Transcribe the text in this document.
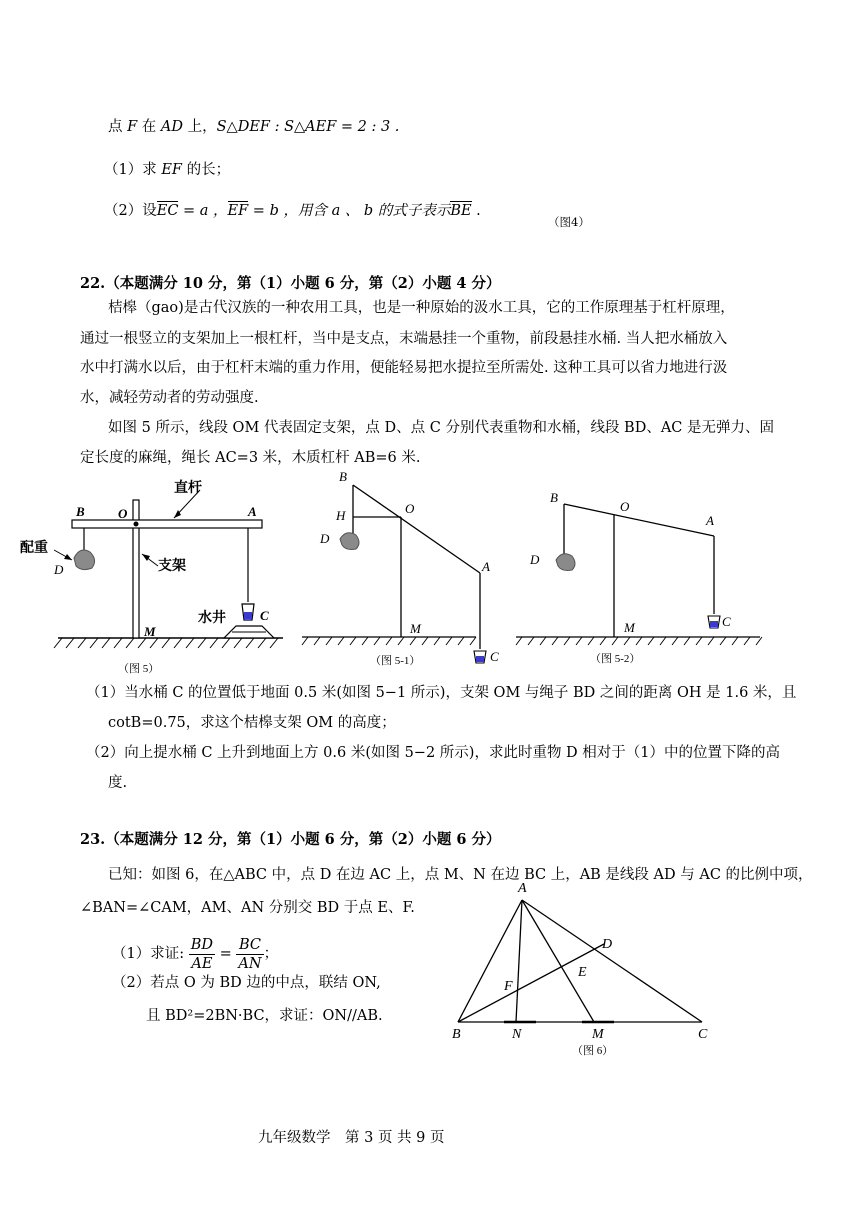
点 F 在 AD 上，S△DEF : S△AEF = 2 : 3 .
（1）求 EF 的长；
（2）设
EC = a ，
EF = b ，用含 a 、 b 的式子表示
BE .
（图4）
22.（本题满分 10 分，第（1）小题 6 分，第（2）小题 4 分）
桔槔（gao)是古代汉族的一种农用工具，也是一种原始的汲水工具，它的工作原理基于杠杆原理，
通过一根竖立的支架加上一根杠杆，当中是支点，末端悬挂一个重物，前段悬挂水桶. 当人把水桶放入
水中打满水以后，由于杠杆末端的重力作用，便能轻易把水提拉至所需处. 这种工具可以省力地进行汲
水，减轻劳动者的劳动强度.
如图 5 所示，线段 OM 代表固定支架，点 D、点 C 分别代表重物和水桶，线段 BD、AC 是无弹力、固
定长度的麻绳，绳长 AC=3 米，木质杠杆 AB=6 米.
直杆
配重
支架
水井
B	O	A
D
C
M
（图 5）
B
H	O
D
A
M
C
（图 5-1）
B
O
A
D
M	C
（图 5-2）
（1）当水桶 C 的位置低于地面 0.5 米(如图 5−1 所示)，支架 OM 与绳子 BD 之间的距离 OH 是 1.6 米，且
cotB=0.75，求这个桔槔支架 OM 的高度；
（2）向上提水桶 C 上升到地面上方 0.6 米(如图 5−2 所示)，求此时重物 D 相对于（1）中的位置下降的高
度.
23.（本题满分 12 分，第（1）小题 6 分，第（2）小题 6 分）
已知：如图 6，在△ABC 中，点 D 在边 AC 上，点 M、N 在边 BC 上，AB 是线段 AD 与 AC 的比例中项，
∠BAN=∠CAM，AM、AN 分别交 BD 于点 E、F.
（1）求证: $\frac{BD}{AE} = \frac{BC}{AN}$ ；
（2）若点 O 为 BD 边的中点，联结 ON,
且 BD²=2BN·BC，求证：ON//AB.
A
B	C
D
E
F
N	M
（图 6）
九年级数学　第 3 页 共 9 页
